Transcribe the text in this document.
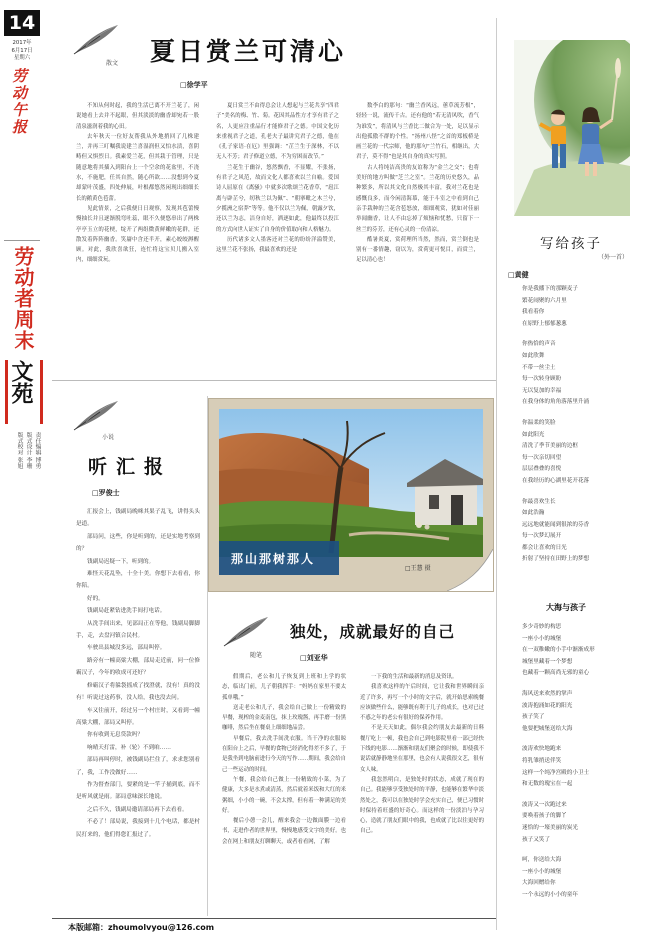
14
2017年
6月17日
星期六
劳动午报
劳动者周末
文苑
责任编辑 博勇
版式设计 李珊
版式校对 张旭
散文 夏日赏兰可清心
□徐学平

不知从何时起，我的生活已离不开兰花了，闲说她看上去并不起眼，但其淡淡的幽香却宛若一股清泉滋润着我的心田。

去年秋天一位好友帮我从外地捎回了几株建兰，并再三叮嘱我说建兰喜湿润但又怕水渍，喜阴畴但又惧烈日。我素爱兰花，但其栽于管理，只是随意地将其插入到阳台上一个空余的花盆里，不浇水，不施肥，任其自然，随心所欲……没想到今夏却蒙叶茂盛，四处伸展，叶根都悠然闲现出细细长长的鹅黄色苞蕾。

见此情景，之后我便日日观察，发现其苞蕾慢慢抽长并且逐渐脱弯吐蕊，眼不久便悠串出了两株亭亭玉立的花梗，绽开了两组微黄鲜嫩的花群，还散发着阵阵幽香。笑靥中含还半开，素心皎皎溽醒顾。对此，我欣喜欲狂，连忙将这宝贝儿搬入室内，细细赏玩。

夏日赏兰不由得总会让人想起与兰花共享“四君子”美名的梅、竹、菊。花因其品性方才享有君子之名，人更应注重品行才能修君子之德。中国文化历来重视君子之道，孔老夫子最讲究君子之德，他在《孔子家语·在厄》里强调：“芷兰生于深林，不以无人不芳；君子修道立德，不为穷困而改节。”

兰花生于幽谷，悠然飘香，不显耀，不张扬，有君子之风范，故而文化人都喜欢以兰自喻。爱国诗人屈原在《离骚》中就多次歌颂兰花香草，“扈江离与辟芷兮，纫秋兰以为佩”、“朝搴毗之木兰兮，夕揽洲之宿莽”等等。他不仅以兰为佩，朝露夕饮，还以兰为志，洁身自好，洒逐如此，他最终以投江的方式向世人证实了自身的价值取向和人格魅力。

历代诸多文人墨客还对兰花的纷纷洋溢赞美，这里兰花不张扬，我最喜欢的还是

数李白的那句：“幽兰香风远，蕙草流芳根”，轻轻一说，流传千古。还有他的“若无清风吹，香气为谁发”，将清风与兰香比二做合为一处，足以显示出他孤傲不群的个性。“扬州八怪”之首的郑板桥是画兰花的一代宗师，他的那句“兰竹石，相继出，大君子，莫不得”也是其自身的真实写照。

古人将纯洁高贵的友谊称为“金兰之交”；也将美好的地方叫做“芝兰之室”。兰花的历史悠久，品种繁多，所以其文化自然极其丰富，我对兰花也是感慨良多，而今闲清海慕，能于斗室之中看到自己亲手栽种的兰花含苞怒放，细细观赏，犹如对佳丽举闻幽香，让人不由忘掉了烦恼和忧愁，只留下一丝兰的芬芳，还有心灵的一份清凉。

酷暑炎夏，赏荷理所当然，然而，赏兰倒也是别有一番情趣，窃以为，赏荷更可悦目，而赏兰，足以清心也！

小说
听汇报
□罗俊士

汇报会上，钱副局晚咪其果子乱飞，讲得头头是道。

部局问，这些，你是听到的，还是实地考察到的？

钱副局迟疑一下，听到的。

难怪天花乱坠，十全十美。你想下去看看，你你陪。

好的。

钱副局赶紧钻进洗手间打电话。

从洗手间出来，见部局正在等他，钱副局脚脚手，走，去盘河镇合民村。

车驶出县城没多远，部局叫停。

路旁有一幢高粱大棚，部局走近前，问一位修霸汉子，今年的收成可还好？

修霸汉子将躲袋摇成了找澄就，没有！真的没有！听说过这药事，没人给，我也没去问。

车又往前开，经过另一个村庄时，又看到一幢高粱大棚，部局又叫停。

你有收到无息贷款吗？

响晴天打雷，补（轮）不到咱……

部局再叫停时，被钱副局拦住了，求求您别看了，我，工作没做好……

作为督查部门，要紧的是一竿子捅到底，而不是听风就是雨。部局意味深长地说。

之后不久，钱副局邀请部局再下去看看。

不必了！部局说，我接到十几个电话，都是村民打来的，他们得您汇报过了。

那山那树那人
□王慧 摄
随笔
独处，成就最好的自己
□刘亚华

假期后，老公和儿子恢复到上班和上学的状态，临出门前，儿子朝我挥手：“妈妈在家里不要太孤单哦。”

送走老公和儿子，我会给自己做上一份精致的早餐，现榨的金麦南包，抹上玫瑰酱，再手磨一份黑咖啡，然后坐在餐桌上细细地品尝。

早餐后，我去洗手间洗衣服。当干净的衣服晾在阳台上之后，早餐的食物已经消化得差不多了，于是我坐到电脑前进行今天的写作……期间，我会给自己一些运动的时间。

午餐，我会给自己做上一份精致的小菜，为了健康，大多是水煮或清蒸，然后就着米饭和大红的米粥细，小小的一碗，不会太撑，但有着一种满足的美好。

餐后小憩一会儿，醒来我会一边做面膜一边看书，走进作者的世界里，慢慢地感受文字的美好。也会在网上和朋友打聊聊天，或者看看网，了解

一下我的生活和最新的消息及资讯。

我喜欢这样的午后时间，它让我和世界瞬间亲近了许多，再写一个小时的文字后，就开始思索晚餐应该做些什么，能够既有利于儿子的成长，也对已过不惑之年的老公有很好的保养作用。

不是天天如此，偶尔我会约朋友去最新的日料餐厅吃上一顿，我也会自己到电影院里看一部已经快下线的电影……渐渐和朋友们聚会的时候，即使我不说话就静静地坐在那里，也会有人说我很文艺，很有女人味。

我忽然明白，是独处时的状态，成就了现在的自己。我能够享受独处时的平静，也能够在繁华中淡然处之，我可以在独处时学会充实自己，便已习惯时时保持着旺盛的好奇心。而这样的一份淡泊与孕习心，造就了朋友们眼中的我，也成就了比以往更好的自己。

本版邮箱：zhoumolvyou@126.com
写给孩子
（外一首）
□黄健

你是我播下的那颗麦子

繁花闹聚的六月里

我看着你

在原野上郁郁葱葱

你热恰的声音

如此欣舞

不带一丝尘土

每一次转身顾盼

无以复加的幸福

在我身体的角角落落里升涌

你温柔的笑脸

如此阳光

清洗了季节美丽的边框

每一次亲切回望

层层叠叠的喜悦

在我经历的心湖里花开花落

你最喜欢生长

如此浩瀚

远远地就能闻到很浓的芬香

每一次梦幻展开

都会让喜欢的日光

折射了坚持在田野上的梦想

大海与孩子

多少奇妙的构思

一座小小的城堡

在一双稚嫩的小手中渐渐成形

城堡里藏着一个梦想

也藏着一颗高尚无邪的童心

海风送来欢然的掌声

波涛抱涌如花的阳光

孩子笑了

他要把城堡送给大海

波涛欢快地跑来

将乳雏捎送伴笑

这样一个纯净宫殿的小卫士

和无数的瑰宝在一起

波涛又一次跑过来

要唤着孩子的脚丫

迷恰的一壕美丽的炭光

孩子又笑了

呵，你送给大海

一座小小的城堡

大海回赠给你

一个永远的小小的童年
